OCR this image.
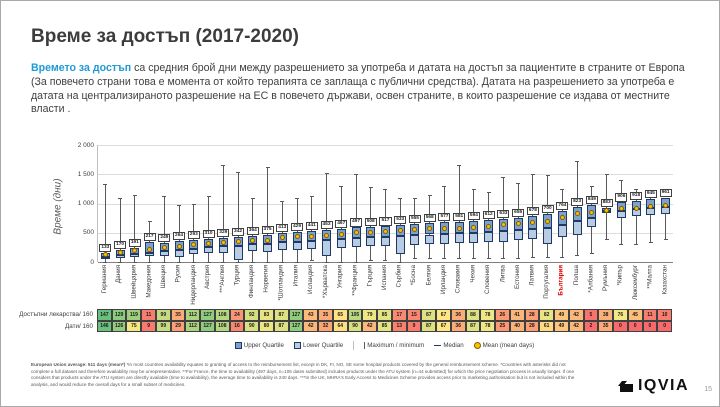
Време за достъп (2017-2020)
Времето за достъп са средния брой дни между разрешението за употреба и датата на достъп за пациентите в страните от Европа (За повечето страни това е момента от който терапията се заплаща с публични средства). Датата на разрешението за употреба е датата на централизираното разрешение на ЕС в повечето държави, освен страните, в които разрешение се издава от местните власти .
Време (дни)
0
500
1 000
1 500
2 000
133
170	191
217	249	264	293	310	329	342	364	375	413	429	441	453	467	497	508	517	533	555	568	577	581	594	612	633	655	678	700
764
823	849
883
906	918	945	961
Германия Дания Швейцария Македония Швеция Русия Нидерландия Австрия ***Англия Турция Финландия Норвегия *Шотландия Италия Исландия *Хърватска Унгария **Франция Гърция Испания Сърбия *Босна Белгия Ирландия Словакия Чехия Словения Литва Естония Латвия Португалия България Полша *Албания Румъния *Кипър Люксембург **Малта Казахстан
Достъпни лекарства/ 160
Дати/ 160
147	129	119	11	99	35	112	127	108	24	92	83	87	127	43	35	65	105	79	85	17	15	87	67	36	88	78	26	41	28	82	49	42	5	38	76	45	11	10
146	126	75	9	99	29	112	127	108	16	90	80	87	127	42	32	64	90	42	85	13	9	87	67	36	87	78	25	40	28	61	49	42	2	35	0	0	0	0
Upper Quartile	Lower Quartile	Maximum / minimum	Median	Mean (mean days)
European Union average: 511 days (mean*) *In most countries availability equates to granting of access to the reimbursement list, except in DK, FI, NO, SE some hospital products covered by the general reimbursement scheme. *Countries with asterisks did not complete a full dataset and therefore availability may be unrepresentative. **For France, the time to availability (497 days, n=105 dates submitted) includes products under the ATU system (n=44 submitted) for which the price negotiation process is usually longer. If one considers that products under the ATU system are directly available (time to availability), the average time to availability is 240 days. ***In the UK, MHRA's Early Access to Medicines Scheme provides access prior to marketing authorisation but is not included within the analysis, and would reduce the overall days for a small subset of medicines.	IQVIA 15
